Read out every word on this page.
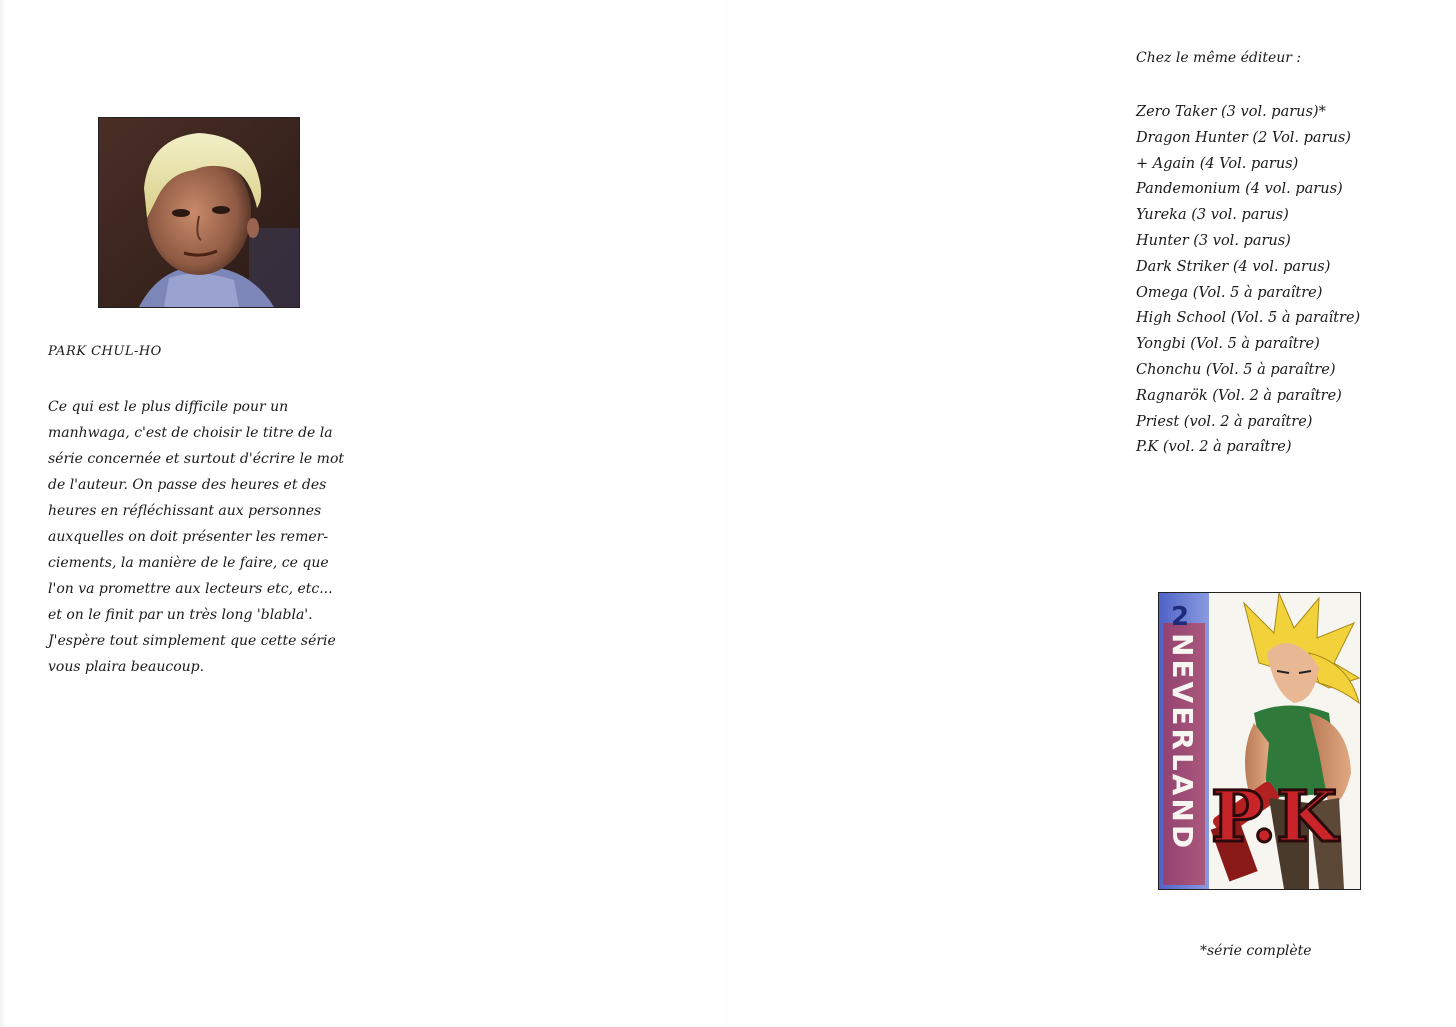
PARK CHUL-HO
Ce qui est le plus difficile pour un
manhwaga, c'est de choisir le titre de la
série concernée et surtout d'écrire le mot
de l'auteur. On passe des heures et des
heures en réfléchissant aux personnes
auxquelles on doit présenter les remer-
ciements, la manière de le faire, ce que
l'on va promettre aux lecteurs etc, etc...
et on le finit par un très long 'blabla'.
J'espère tout simplement que cette série
vous plaira beaucoup.
Chez le même éditeur :
Zero Taker (3 vol. parus)*
Dragon Hunter (2 Vol. parus)
+ Again (4 Vol. parus)
Pandemonium (4 vol. parus)
Yureka (3 vol. parus)
Hunter (3 vol. parus)
Dark Striker (4 vol. parus)
Omega (Vol. 5 à paraître)
High School (Vol. 5 à paraître)
Yongbi (Vol. 5 à paraître)
Chonchu (Vol. 5 à paraître)
Ragnarök (Vol. 2 à paraître)
Priest (vol. 2 à paraître)
P.K (vol. 2 à paraître)
NEVERLAND
2
P.K
*série complète
